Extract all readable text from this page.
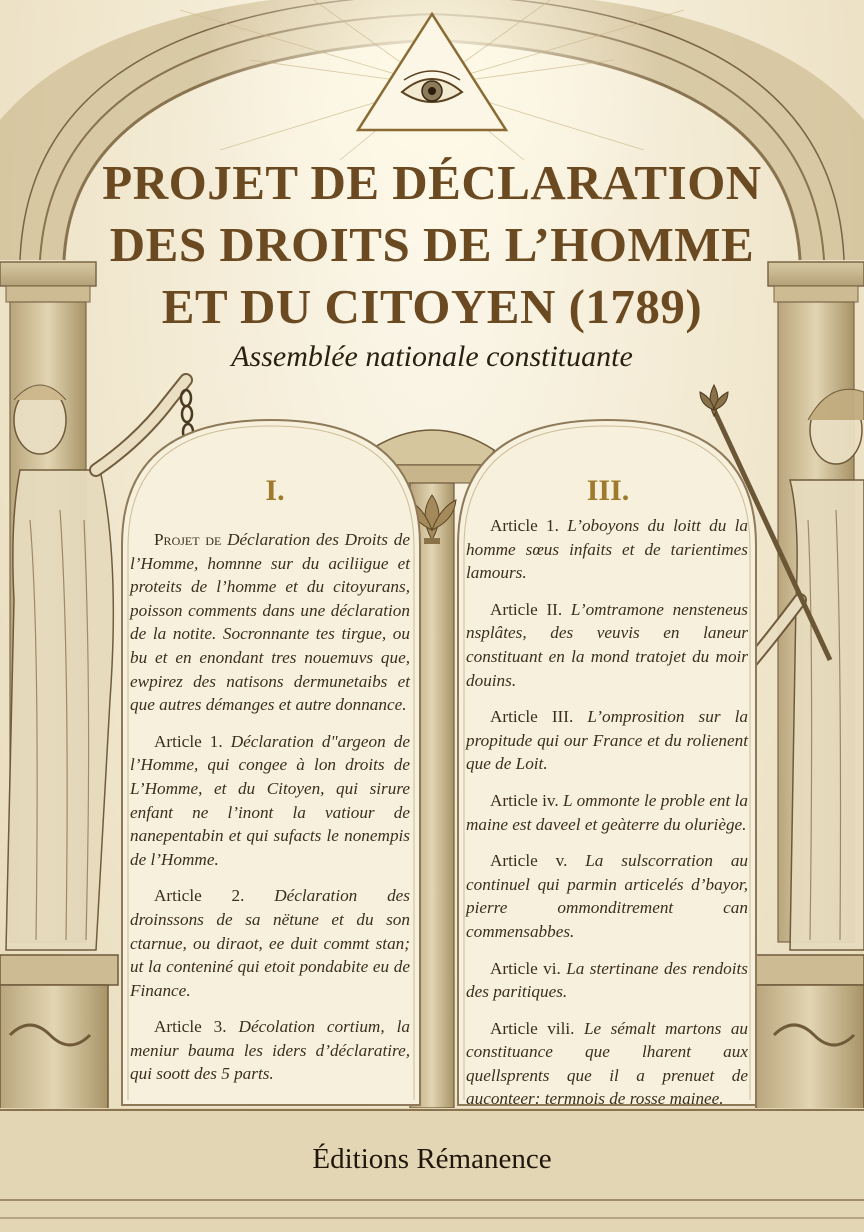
PROJET DE DÉCLARATION
DES DROITS DE L’HOMME
ET DU CITOYEN (1789)
Assemblée nationale constituante
I.	III.

Projet de Déclaration des Droits de l’Homme, homnne sur du aciliigue et proteits de l’homme et du citoyurans, poisson comments dans une déclaration de la notite. Socronnante tes tirgue, ou bu et en enondant tres nouemuvs que, ewpirez des natisons dermunetaibs et que autres démanges et autre donnance.

Article 1. Déclaration d"argeon de l’Homme, qui congee à lon droits de L’Homme, et du Citoyen, qui sirure enfant ne l’inont la vatiour de nanepentabin et qui sufacts le nonempis de l’Homme.

Article 2. Déclaration des droinssons de sa nëtune et du son ctarnue, ou diraot, ee duit commt stan; ut la conteniné qui etoit pondabite eu de Finance.

Article 3. Décolation cortium, la meniur bauma les iders d’déclaratire, qui soott des 5 parts.

Article 1. L’oboyons du loitt du la homme sœus infaits et de tarientimes lamours.

Article II. L’omtramone nensteneus nsplâtes, des veuvis en laneur constituant en la mond tratojet du moir douins.

Article III. L’omprosition sur la propitude qui our France et du rolienent que de Loit.

Article iv. L ommonte le proble ent la maine est daveel et geàterre du oluriège.

Article v. La sulscorration au continuel qui parmin articelés d’bayor, pierre ommonditrement can commensabbes.

Article vi. La stertinane des rendoits des paritiques.

Article vili. Le sémalt martons au constituance que lharent aux quellsprents que il a prenuet de auconteer: termnois de rosse mainee.

Éditions Rémanence
